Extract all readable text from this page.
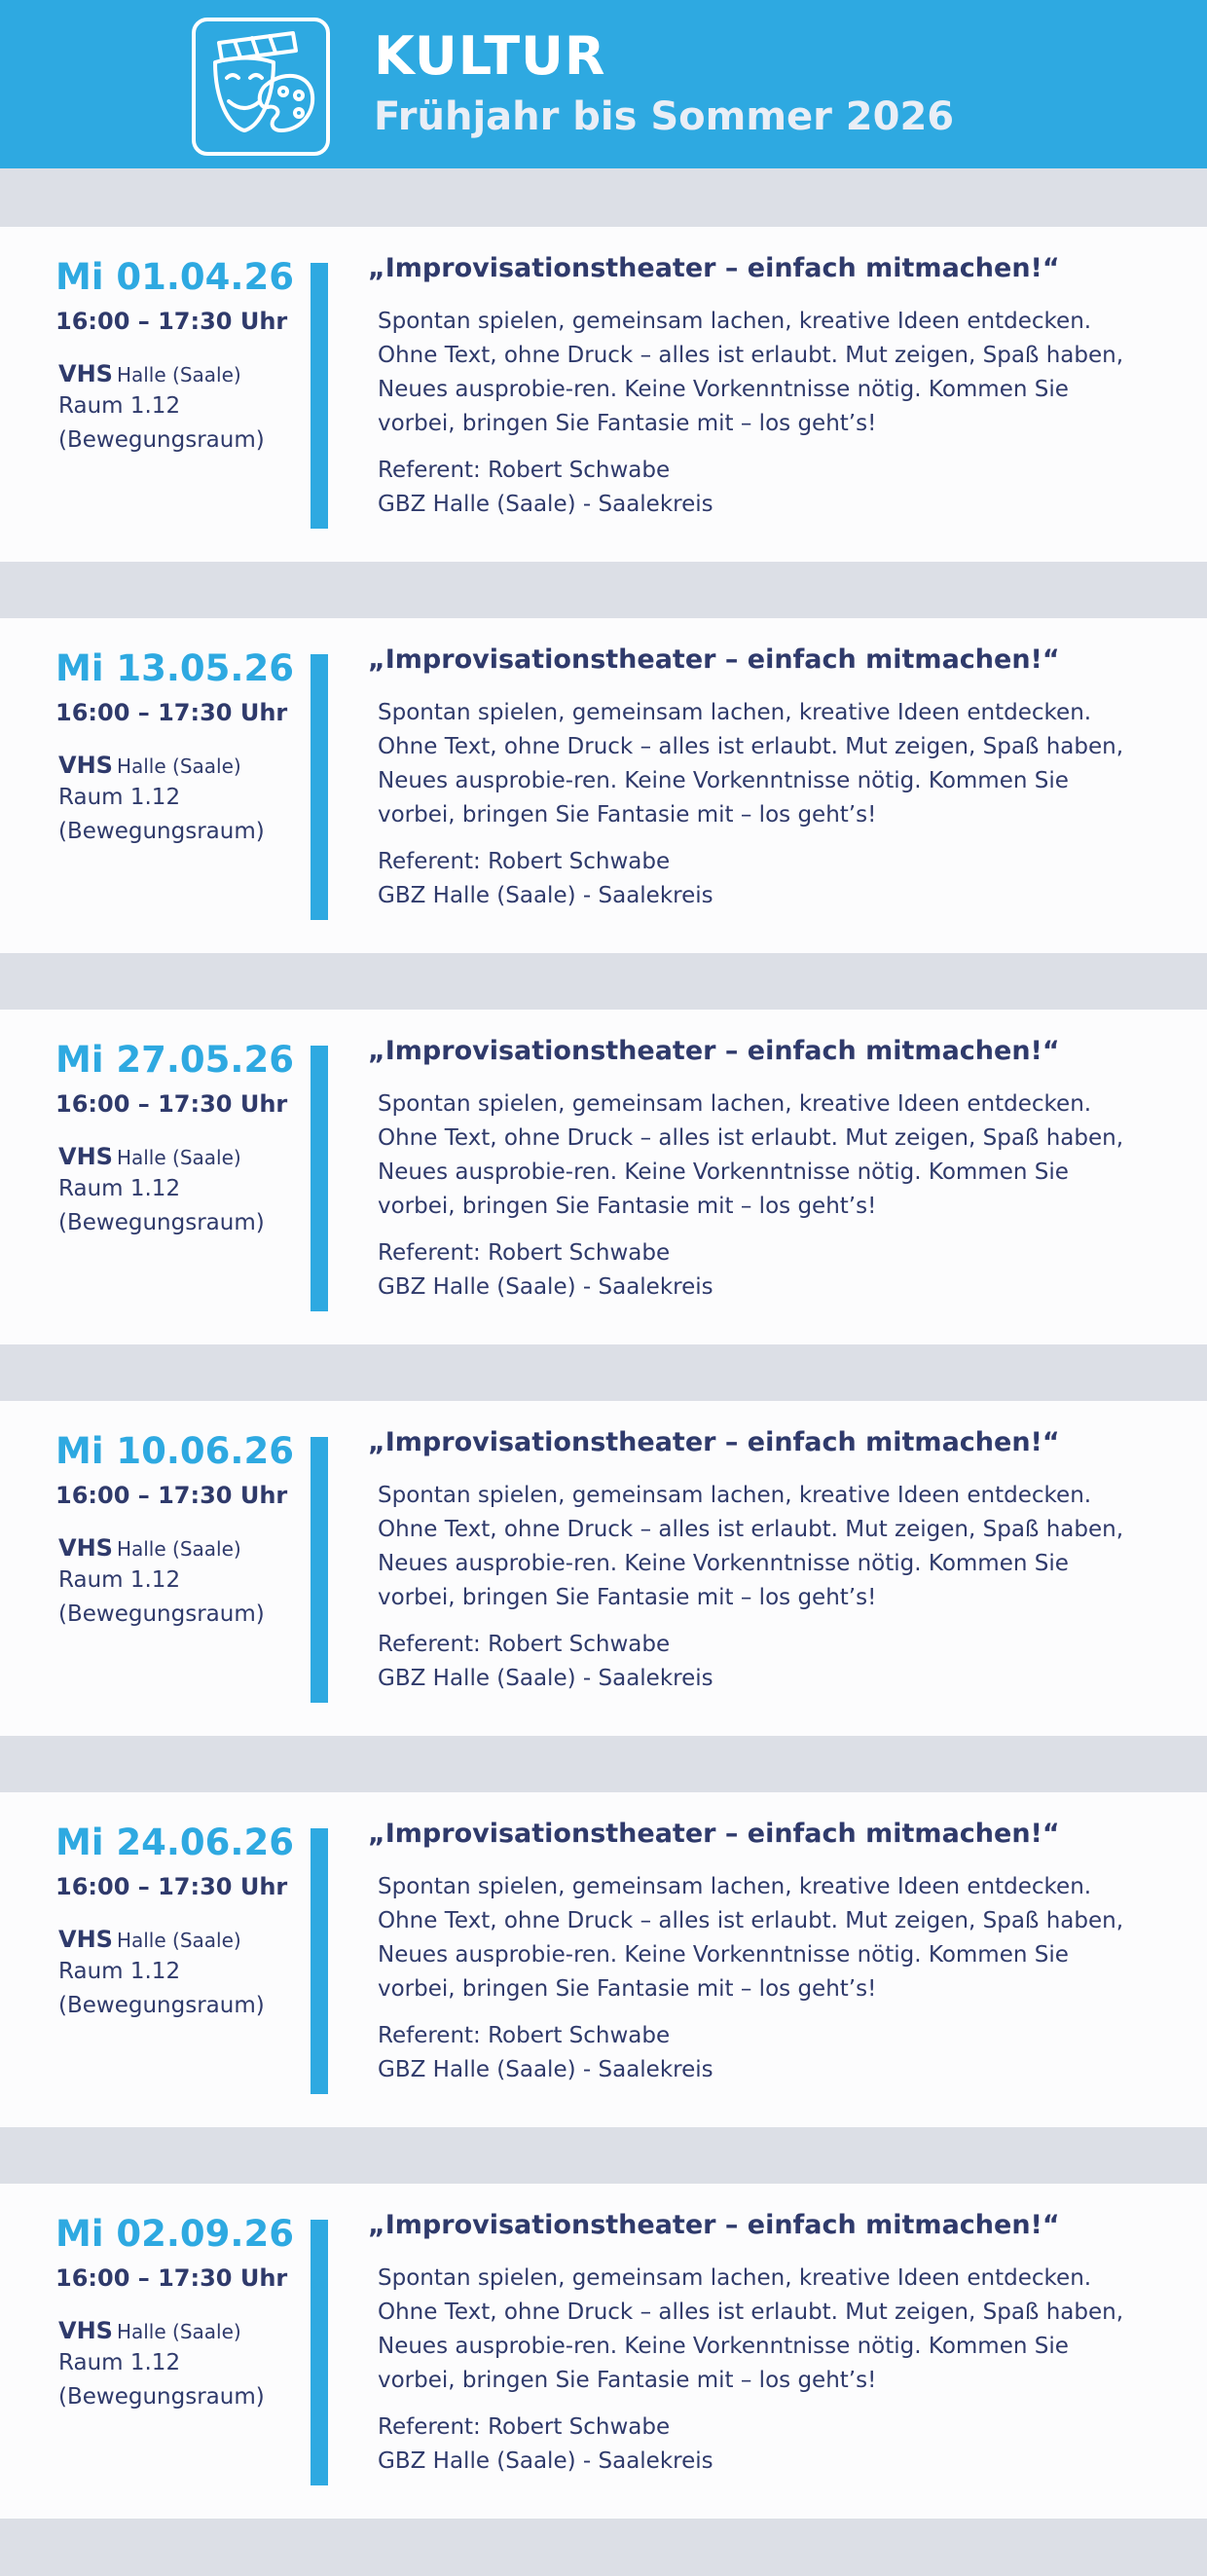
KULTUR
Frühjahr bis Sommer 2026
Mi 01.04.26
16:00 – 17:30 Uhr
VHS Halle (Saale)
Raum 1.12
(Bewegungsraum)
„Improvisationstheater – einfach mitmachen!“

Spontan spielen, gemeinsam lachen, kreative Ideen entdecken. Ohne Text, ohne Druck – alles ist erlaubt. Mut zeigen, Spaß haben, Neues ausprobie-ren. Keine Vorkenntnisse nötig. Kommen Sie vorbei, bringen Sie Fantasie mit – los geht’s!

Referent: Robert Schwabe
GBZ Halle (Saale) - Saalekreis
Mi 13.05.26
16:00 – 17:30 Uhr
VHS Halle (Saale)
Raum 1.12
(Bewegungsraum)
„Improvisationstheater – einfach mitmachen!“

Spontan spielen, gemeinsam lachen, kreative Ideen entdecken. Ohne Text, ohne Druck – alles ist erlaubt. Mut zeigen, Spaß haben, Neues ausprobie-ren. Keine Vorkenntnisse nötig. Kommen Sie vorbei, bringen Sie Fantasie mit – los geht’s!

Referent: Robert Schwabe
GBZ Halle (Saale) - Saalekreis
Mi 27.05.26
16:00 – 17:30 Uhr
VHS Halle (Saale)
Raum 1.12
(Bewegungsraum)
„Improvisationstheater – einfach mitmachen!“

Spontan spielen, gemeinsam lachen, kreative Ideen entdecken. Ohne Text, ohne Druck – alles ist erlaubt. Mut zeigen, Spaß haben, Neues ausprobie-ren. Keine Vorkenntnisse nötig. Kommen Sie vorbei, bringen Sie Fantasie mit – los geht’s!

Referent: Robert Schwabe
GBZ Halle (Saale) - Saalekreis
Mi 10.06.26
16:00 – 17:30 Uhr
VHS Halle (Saale)
Raum 1.12
(Bewegungsraum)
„Improvisationstheater – einfach mitmachen!“

Spontan spielen, gemeinsam lachen, kreative Ideen entdecken. Ohne Text, ohne Druck – alles ist erlaubt. Mut zeigen, Spaß haben, Neues ausprobie-ren. Keine Vorkenntnisse nötig. Kommen Sie vorbei, bringen Sie Fantasie mit – los geht’s!

Referent: Robert Schwabe
GBZ Halle (Saale) - Saalekreis
Mi 24.06.26
16:00 – 17:30 Uhr
VHS Halle (Saale)
Raum 1.12
(Bewegungsraum)
„Improvisationstheater – einfach mitmachen!“

Spontan spielen, gemeinsam lachen, kreative Ideen entdecken. Ohne Text, ohne Druck – alles ist erlaubt. Mut zeigen, Spaß haben, Neues ausprobie-ren. Keine Vorkenntnisse nötig. Kommen Sie vorbei, bringen Sie Fantasie mit – los geht’s!

Referent: Robert Schwabe
GBZ Halle (Saale) - Saalekreis
Mi 02.09.26
16:00 – 17:30 Uhr
VHS Halle (Saale)
Raum 1.12
(Bewegungsraum)
„Improvisationstheater – einfach mitmachen!“

Spontan spielen, gemeinsam lachen, kreative Ideen entdecken. Ohne Text, ohne Druck – alles ist erlaubt. Mut zeigen, Spaß haben, Neues ausprobie-ren. Keine Vorkenntnisse nötig. Kommen Sie vorbei, bringen Sie Fantasie mit – los geht’s!

Referent: Robert Schwabe
GBZ Halle (Saale) - Saalekreis
